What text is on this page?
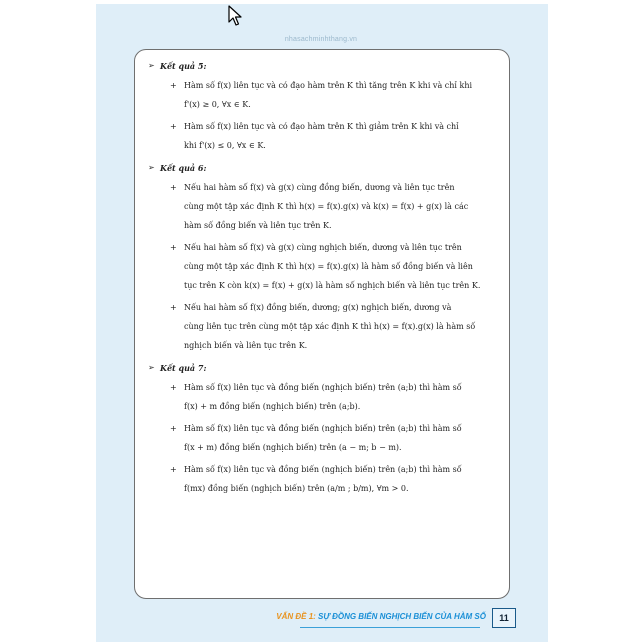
nhasachminhthang.vn
➢ Kết quả 5:
+ Hàm số f(x) liên tục và có đạo hàm trên K thì tăng trên K khi và chỉ khi
f'(x) ≥ 0, ∀x ∈ K.
+ Hàm số f(x) liên tục và có đạo hàm trên K thì giảm trên K khi và chỉ
khi f'(x) ≤ 0, ∀x ∈ K.
➢ Kết quả 6:
+ Nếu hai hàm số f(x) và g(x) cùng đồng biến, dương và liên tục trên
cùng một tập xác định K thì h(x) = f(x).g(x) và k(x) = f(x) + g(x) là các
hàm số đồng biến và liên tục trên K.
+ Nếu hai hàm số f(x) và g(x) cùng nghịch biến, dương và liên tục trên
cùng một tập xác định K thì h(x) = f(x).g(x) là hàm số đồng biến và liên
tục trên K còn k(x) = f(x) + g(x) là hàm số nghịch biến và liên tục trên K.
+ Nếu hai hàm số f(x) đồng biến, dương; g(x) nghịch biến, dương và
cùng liên tục trên cùng một tập xác định K thì h(x) = f(x).g(x) là hàm số
nghịch biến và liên tục trên K.
➢ Kết quả 7:
+ Hàm số f(x) liên tục và đồng biến (nghịch biến) trên (a;b) thì hàm số
f(x) + m đồng biến (nghịch biến) trên (a;b).
+ Hàm số f(x) liên tục và đồng biến (nghịch biến) trên (a;b) thì hàm số
f(x + m) đồng biến (nghịch biến) trên (a − m; b − m).
+ Hàm số f(x) liên tục và đồng biến (nghịch biến) trên (a;b) thì hàm số
f(mx) đồng biến (nghịch biến) trên (a/m ; b/m), ∀m > 0.
VẤN ĐỀ 1: SỰ ĐỒNG BIẾN NGHỊCH BIẾN CỦA HÀM SỐ	11
